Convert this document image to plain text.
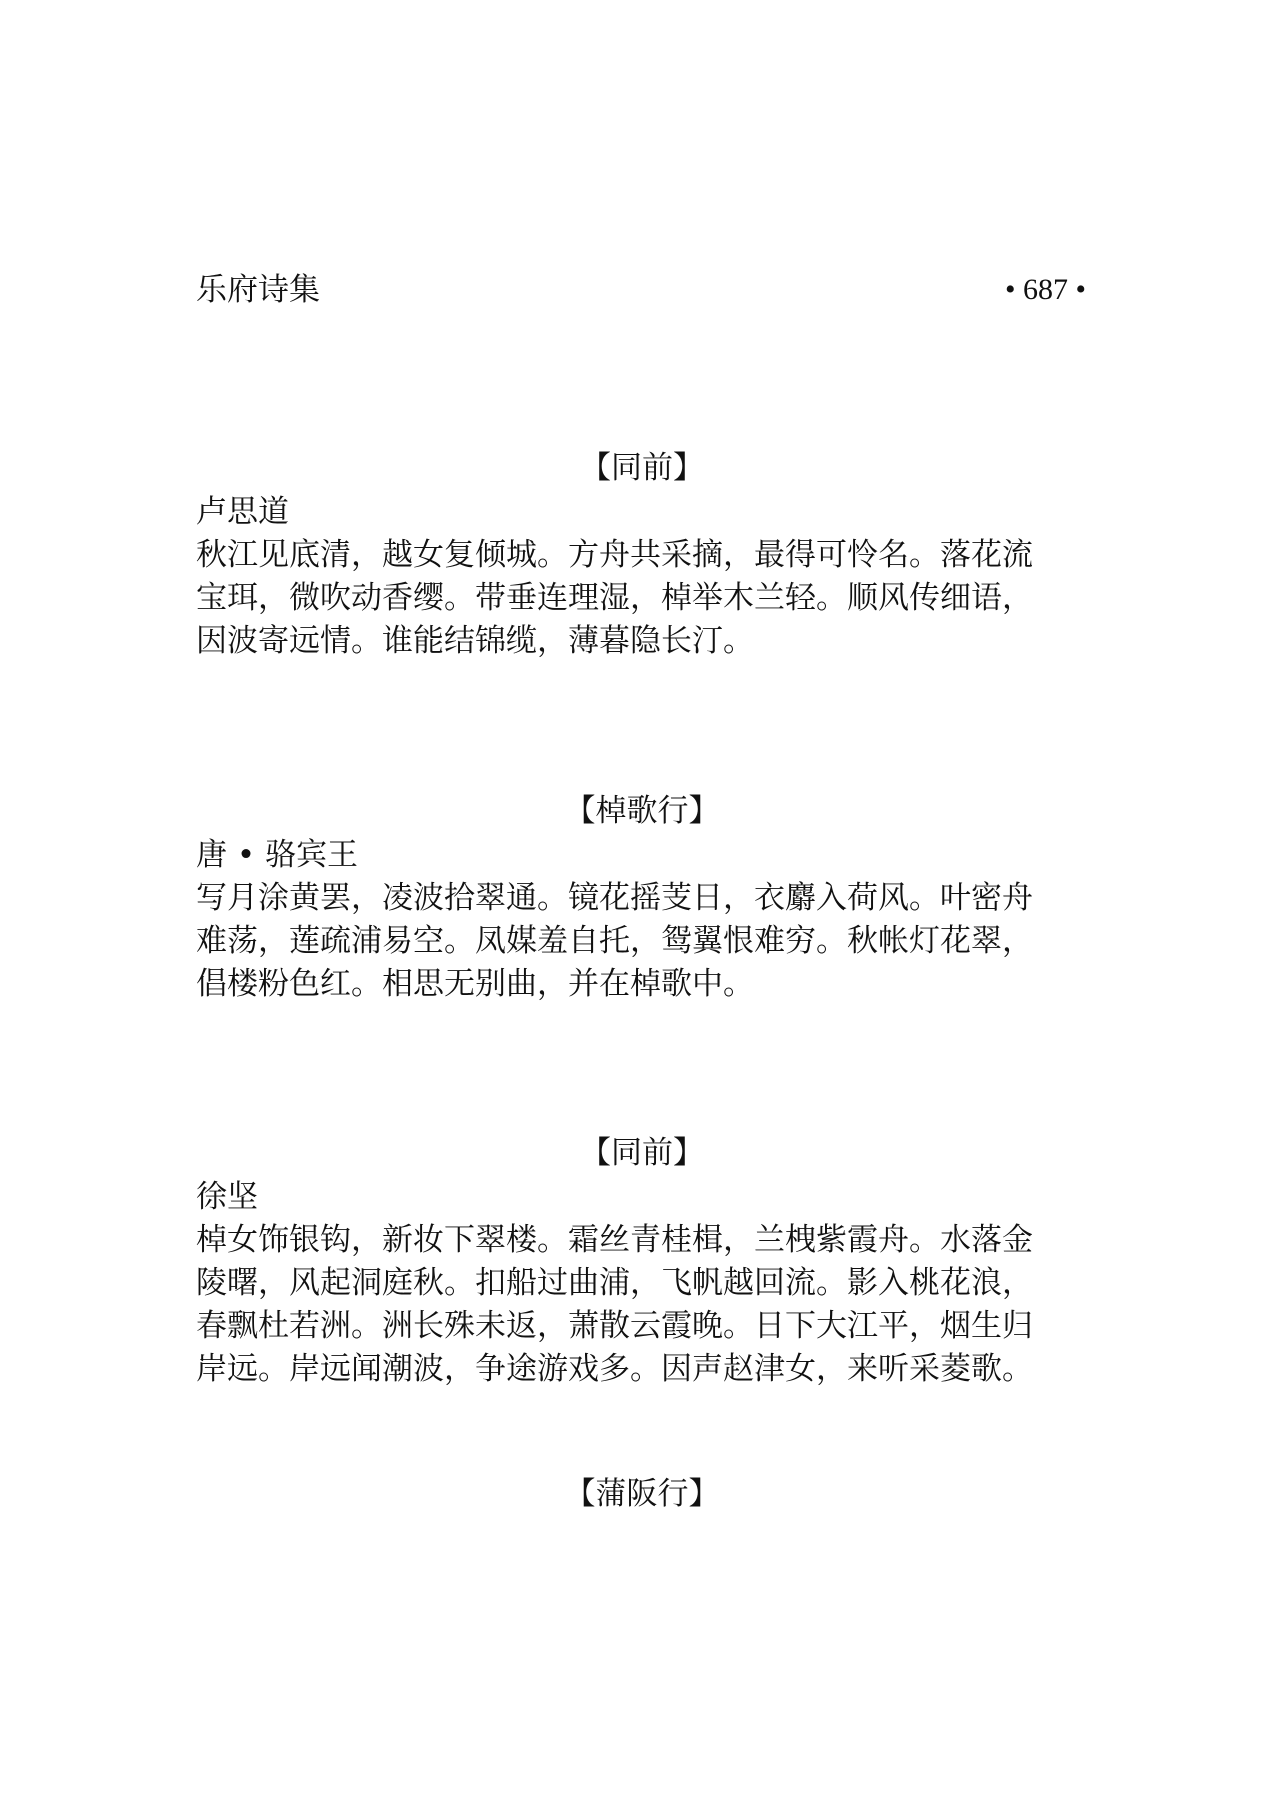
乐府诗集	• 687 •
【同前】
卢思道
秋江见底清，越女复倾城。方舟共采摘，最得可怜名。落花流
宝珥，微吹动香缨。带垂连理湿，棹举木兰轻。顺风传细语，
因波寄远情。谁能结锦缆，薄暮隐长汀。
【棹歌行】
唐 • 骆宾王
写月涂黄罢，凌波拾翠通。镜花摇芰日，衣麝入荷风。叶密舟
难荡，莲疏浦易空。凤媒羞自托，鸳翼恨难穷。秋帐灯花翠，
倡楼粉色红。相思无别曲，并在棹歌中。
【同前】
徐坚
棹女饰银钩，新妆下翠楼。霜丝青桂楫，兰栧紫霞舟。水落金
陵曙，风起洞庭秋。扣船过曲浦，飞帆越回流。影入桃花浪，
春飘杜若洲。洲长殊未返，萧散云霞晚。日下大江平，烟生归
岸远。岸远闻潮波，争途游戏多。因声赵津女，来听采菱歌。
【蒲阪行】
